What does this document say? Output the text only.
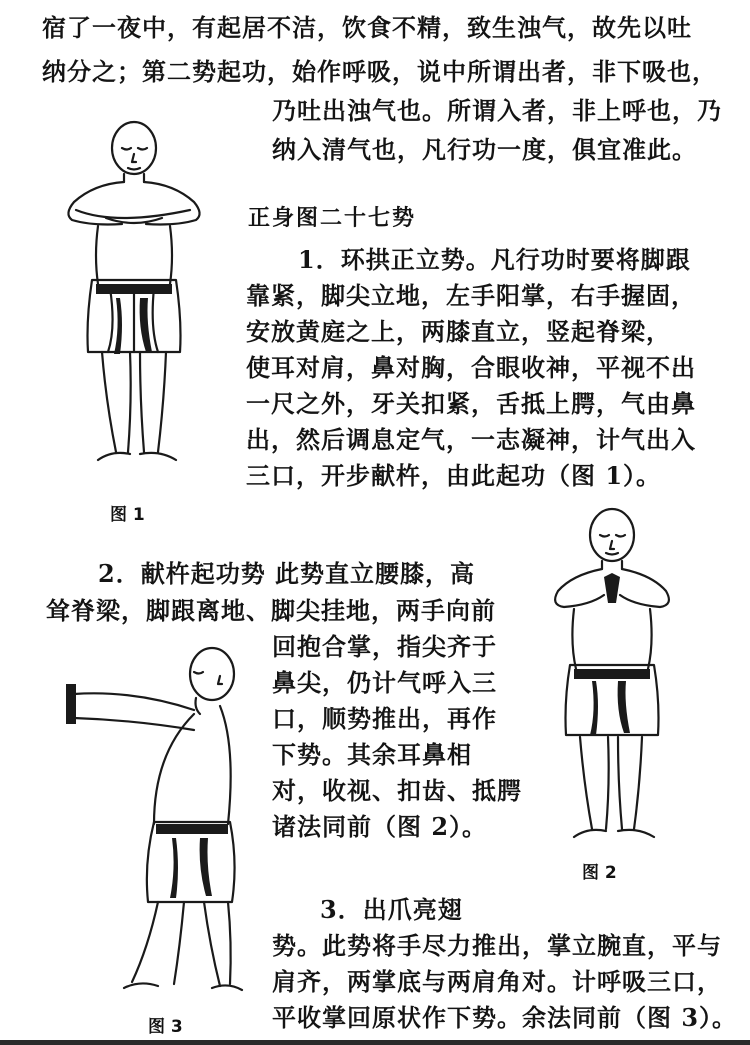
宿了一夜中，有起居不洁，饮食不精，致生浊气，故先以吐
纳分之；第二势起功，始作呼吸，说中所谓出者，非下吸也，
乃吐出浊气也。所谓入者，非上呼也，乃
纳入清气也，凡行功一度，俱宜准此。
正身图二十七势
1．环拱正立势。凡行功时要将脚跟
靠紧，脚尖立地，左手阳掌，右手握固，
安放黄庭之上，两膝直立，竖起脊梁，
使耳对肩，鼻对胸，合眼收神，平视不出
一尺之外，牙关扣紧，舌抵上腭，气由鼻
出，然后调息定气，一志凝神，计气出入
三口，开步献杵，由此起功（图 1）。
2．献杵起功势 此势直立腰膝，高
耸脊梁，脚跟离地、脚尖挂地，两手向前
回抱合掌，指尖齐于
鼻尖，仍计气呼入三
口，顺势推出，再作
下势。其余耳鼻相
对，收视、扣齿、抵腭
诸法同前（图 2）。
3．出爪亮翅
势。此势将手尽力推出，掌立腕直，平与
肩齐，两掌底与两肩角对。计呼吸三口，
平收掌回原状作下势。余法同前（图 3）。
图 1
图 2
图 3
